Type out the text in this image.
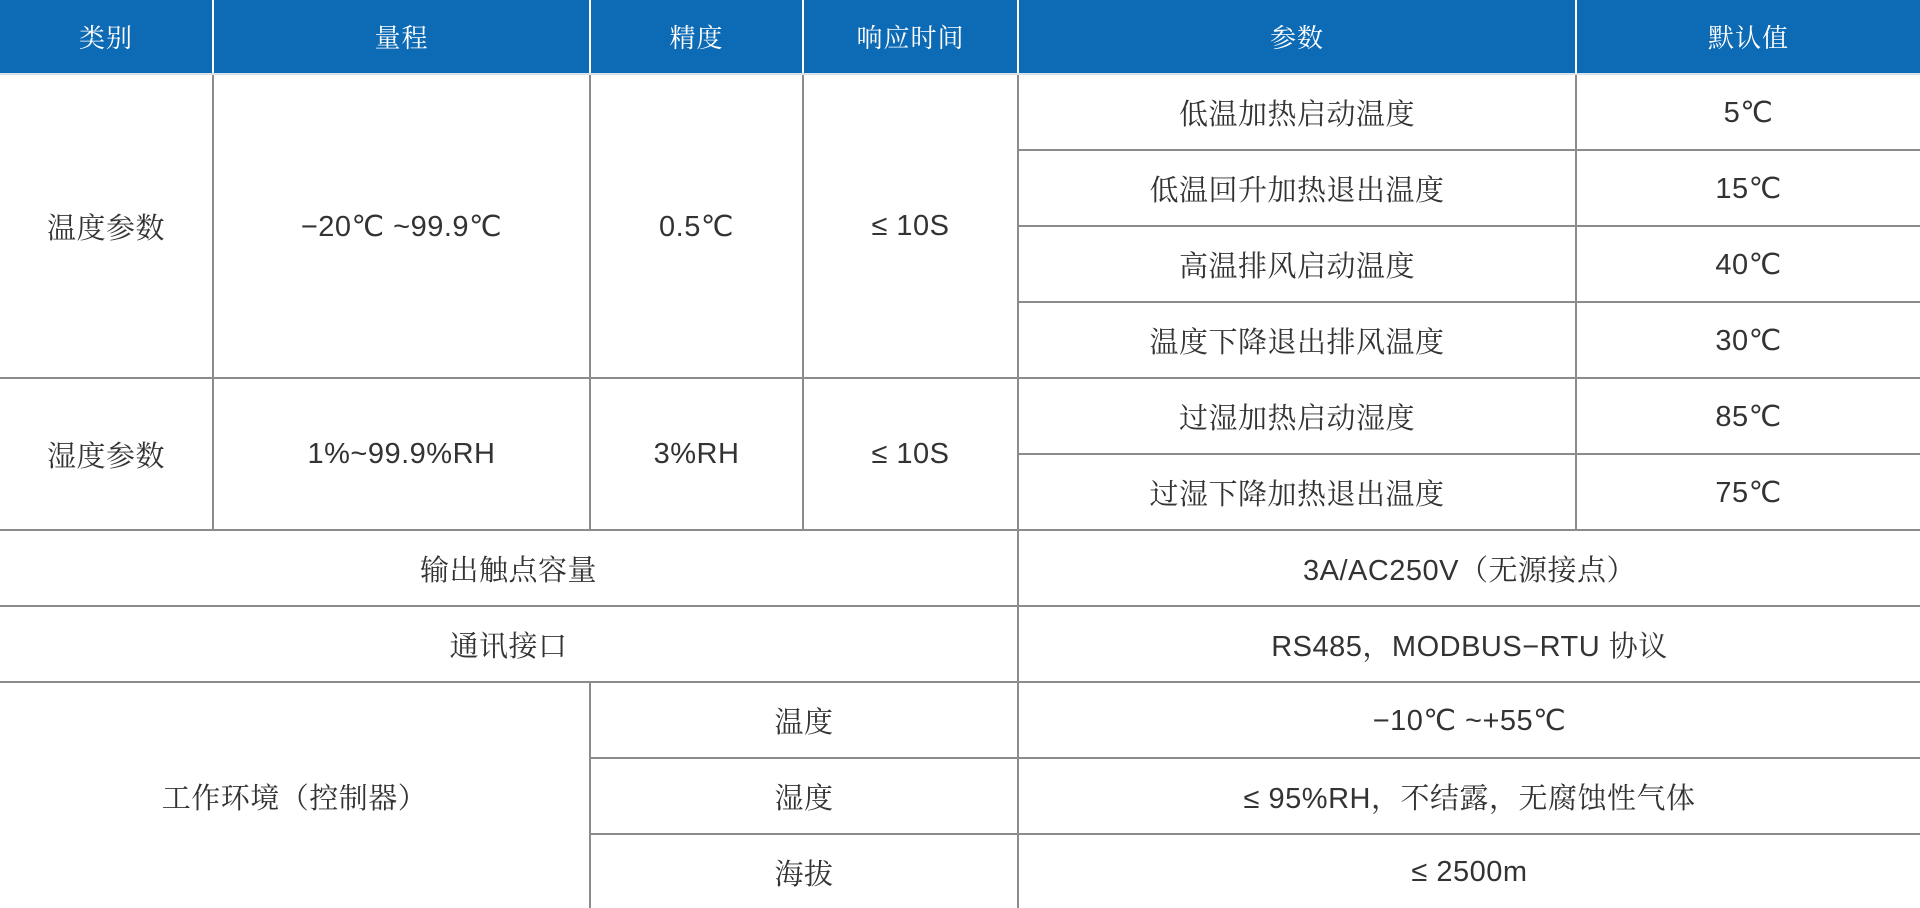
类别	量程	精度	响应时间	参数	默认值
温度参数	−20℃ ~99.9℃	0.5℃	≤ 10S	低温加热启动温度	5℃
				低温回升加热退出温度	15℃
				高温排风启动温度	40℃
				温度下降退出排风温度	30℃
湿度参数	1%~99.9%RH	3%RH	≤ 10S	过湿加热启动湿度	85℃
				过湿下降加热退出温度	75℃
输出触点容量				3A/AC250V（无源接点）	
通讯接口				RS485，MODBUS−RTU 协议	
工作环境（控制器）		温度		−10℃ ~+55℃	
		湿度		≤ 95%RH，不结露，无腐蚀性气体	
		海拔		≤ 2500m	
